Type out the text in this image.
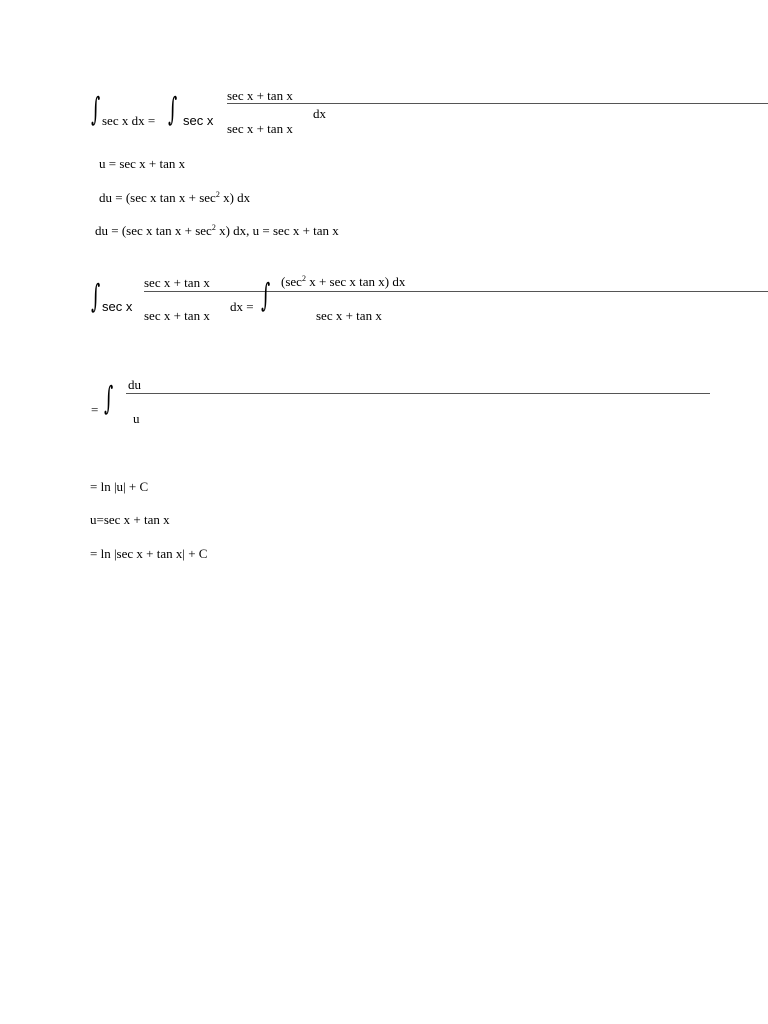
∫ sec x dx = ∫ sec x
sec x + tan x
dx
sec x + tan x
u = sec x + tan x
du = (sec x $\tan x + \sec^2 x$) dx
du = (sec x $\tan x + \sec^2 x$) dx, u = sec x + tan x
∫ sec x
sec x + tan x
sec x + tan x
dx = ∫ ($\sec^2$ x + sec x tan x) dx
sec x + tan x
= ∫ du
u
= ln |u| + C
u=sec x + tan x
= ln |sec x + tan x| + C
